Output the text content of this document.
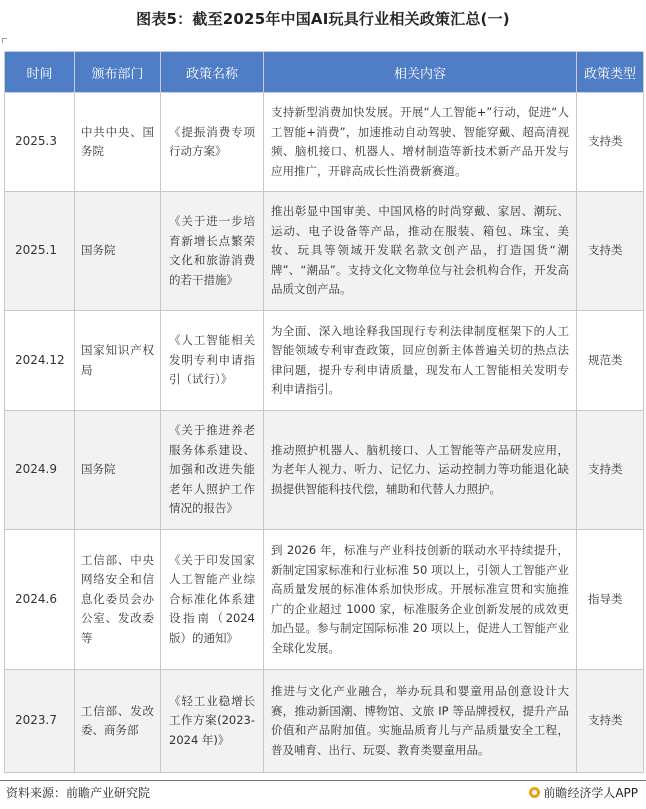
图表5：截至2025年中国AI玩具行业相关政策汇总(一)
时间	颁布部门	政策名称	相关内容	政策类型
2025.3	中共中央、国务院	《提振消费专项行动方案》	支持新型消费加快发展。开展“人工智能+”行动，促进“人工智能+消费”，加速推动自动驾驶、智能穿戴、超高清视频、脑机接口、机器人、增材制造等新技术新产品开发与应用推广，开辟高成长性消费新赛道。	支持类
2025.1	国务院	《关于进一步培育新增长点繁荣文化和旅游消费的若干措施》	推出彰显中国审美、中国风格的时尚穿戴、家居、潮玩、运动、电子设备等产品，推动在服装、箱包、珠宝、美妆、玩具等领域开发联名款文创产品，打造国货“潮牌”、“潮品”。支持文化文物单位与社会机构合作，开发高品质文创产品。	支持类
2024.12	国家知识产权局	《人工智能相关发明专利申请指引（试行）》	为全面、深入地诠释我国现行专利法律制度框架下的人工智能领域专利审查政策，回应创新主体普遍关切的热点法律问题，提升专利申请质量，现发布人工智能相关发明专利申请指引。	规范类
2024.9	国务院	《关于推进养老服务体系建设、加强和改进失能老年人照护工作情况的报告》	推动照护机器人、脑机接口、人工智能等产品研发应用，为老年人视力、听力、记忆力、运动控制力等功能退化缺损提供智能科技代偿，辅助和代替人力照护。	支持类
2024.6	工信部、中央网络安全和信息化委员会办公室、发改委等	《关于印发国家人工智能产业综合标准化体系建设指南（2024版）的通知》	到 2026 年，标准与产业科技创新的联动水平持续提升，新制定国家标准和行业标准 50 项以上，引领人工智能产业高质量发展的标准体系加快形成。开展标准宣贯和实施推广的企业超过 1000 家，标准服务企业创新发展的成效更加凸显。参与制定国际标准 20 项以上，促进人工智能产业全球化发展。	指导类
2023.7	工信部、发改委、商务部	《轻工业稳增长工作方案(2023-2024 年)》	推进与文化产业融合，举办玩具和婴童用品创意设计大赛，推动新国潮、博物馆、文旅 IP 等品牌授权，提升产品价值和产品附加值。实施品质育儿与产品质量安全工程，普及哺育、出行、玩耍、教育类婴童用品。	支持类
资料来源：前瞻产业研究院	前瞻经济学人APP
